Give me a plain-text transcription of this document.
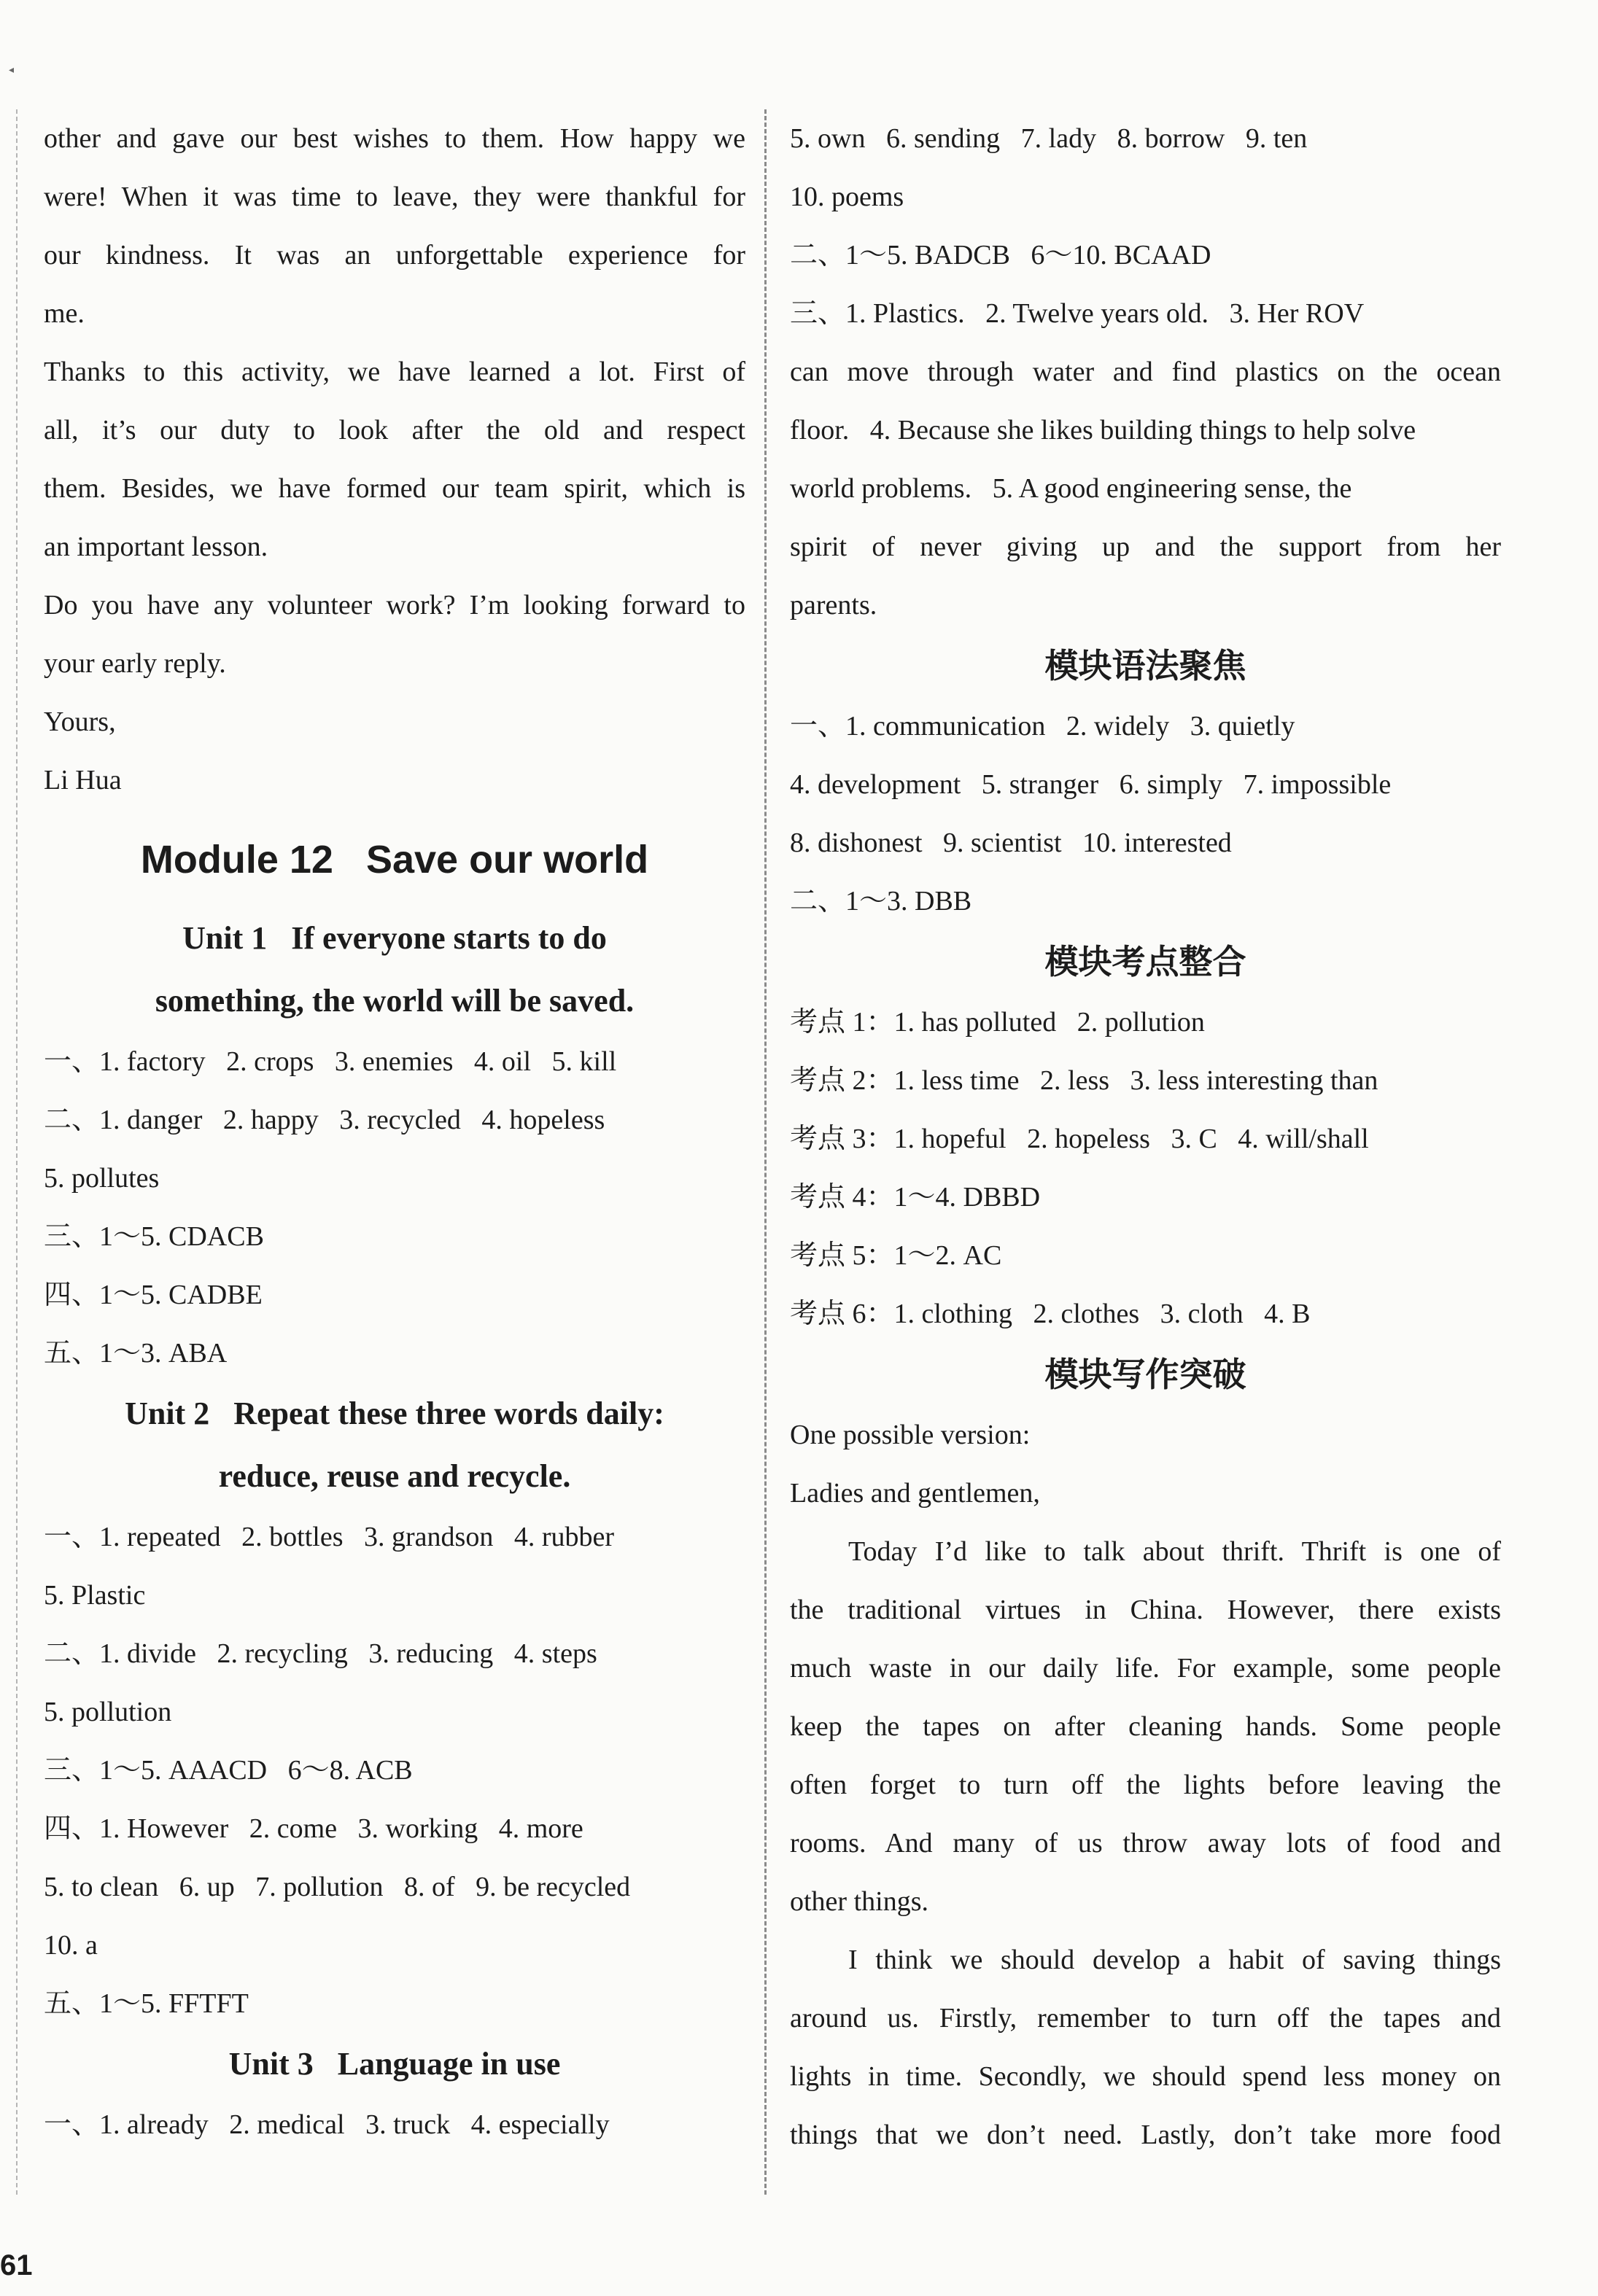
◂

other and gave our best wishes to them. How happy we

were! When it was time to leave, they were thankful for

our kindness. It was an unforgettable experience for

me.

Thanks to this activity, we have learned a lot. First of

all, it’s our duty to look after the old and respect

them. Besides, we have formed our team spirit, which is

an important lesson.

Do you have any volunteer work? I’m looking forward to

your early reply.

Yours,

Li Hua

Module 12   Save our world

Unit 1   If everyone starts to do

something, the world will be saved.

一、1. factory   2. crops   3. enemies   4. oil   5. kill

二、1. danger   2. happy   3. recycled   4. hopeless

5. pollutes

三、1～5. CDACB

四、1～5. CADBE

五、1～3. ABA

Unit 2   Repeat these three words daily:

reduce, reuse and recycle.

一、1. repeated   2. bottles   3. grandson   4. rubber

5. Plastic

二、1. divide   2. recycling   3. reducing   4. steps

5. pollution

三、1～5. AAACD   6～8. ACB

四、1. However   2. come   3. working   4. more

5. to clean   6. up   7. pollution   8. of   9. be recycled

10. a

五、1～5. FFTFT

Unit 3   Language in use

一、1. already   2. medical   3. truck   4. especially

5. own   6. sending   7. lady   8. borrow   9. ten

10. poems

二、1～5. BADCB   6～10. BCAAD

三、1. Plastics.   2. Twelve years old.   3. Her ROV

can move through water and find plastics on the ocean

floor.   4. Because she likes building things to help solve

world problems.   5. A good engineering sense, the

spirit of never giving up and the support from her

parents.

模块语法聚焦

一、1. communication   2. widely   3. quietly

4. development   5. stranger   6. simply   7. impossible

8. dishonest   9. scientist   10. interested

二、1～3. DBB

模块考点整合

考点 1：1. has polluted   2. pollution

考点 2：1. less time   2. less   3. less interesting than

考点 3：1. hopeful   2. hopeless   3. C   4. will/shall

考点 4：1～4. DBBD

考点 5：1～2. AC

考点 6：1. clothing   2. clothes   3. cloth   4. B

模块写作突破

One possible version:

Ladies and gentlemen,

Today I’d like to talk about thrift. Thrift is one of

the traditional virtues in China. However, there exists

much waste in our daily life. For example, some people

keep the tapes on after cleaning hands. Some people

often forget to turn off the lights before leaving the

rooms. And many of us throw away lots of food and

other things.

I think we should develop a habit of saving things

around us. Firstly, remember to turn off the tapes and

lights in time. Secondly, we should spend less money on

things that we don’t need. Lastly, don’t take more food

61
